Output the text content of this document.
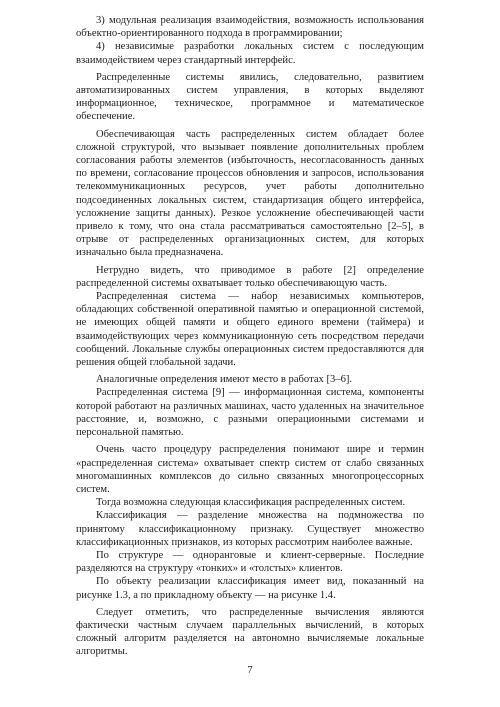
3) модульная реализация взаимодействия, возможность использования объектно-ориентированного подхода в программировании;

4) независимые разработки локальных систем с последующим взаимодействием через стандартный интерфейс.

Распределенные системы явились, следовательно, развитием автоматизированных систем управления, в которых выделяют информационное, техническое, программное и математическое обеспечение.

Обеспечивающая часть распределенных систем обладает более сложной структурой, что вызывает появление дополнительных проблем согласования работы элементов (избыточность, несогласованность данных по времени, согласование процессов обновления и запросов, использования телекоммуникационных ресурсов, учет работы дополнительно подсоединенных локальных систем, стандартизация общего интерфейса, усложнение защиты данных). Резкое усложнение обеспечивающей части привело к тому, что она стала рассматриваться самостоятельно [2–5], в отрыве от распределенных организационных систем, для которых изначально была предназначена.

Нетрудно видеть, что приводимое в работе [2] определение распределенной системы охватывает только обеспечивающую часть.

Распределенная система — набор независимых компьютеров, обладающих собственной оперативной памятью и операционной системой, не имеющих общей памяти и общего единого времени (таймера) и взаимодействующих через коммуникационную сеть посредством передачи сообщений. Локальные службы операционных систем предоставляются для решения общей глобальной задачи.

Аналогичные определения имеют место в работах [3–6].

Распределенная система [9] — информационная система, компоненты которой работают на различных машинах, часто удаленных на значительное расстояние, и, возможно, с разными операционными системами и персональной памятью.

Очень часто процедуру распределения понимают шире и термин «распределенная система» охватывает спектр систем от слабо связанных многомашинных комплексов до сильно связанных многопроцессорных систем.

Тогда возможна следующая классификация распределенных систем.

Классификация — разделение множества на подмножества по принятому классификационному признаку. Существует множество классификационных признаков, из которых рассмотрим наиболее важные.

По структуре — одноранговые и клиент-серверные. Последние разделяются на структуру «тонких» и «толстых» клиентов.

По объекту реализации классификация имеет вид, показанный на рисунке 1.3, а по прикладному объекту — на рисунке 1.4.

Следует отметить, что распределенные вычисления являются фактически частным случаем параллельных вычислений, в которых сложный алгоритм разделяется на автономно вычисляемые локальные алгоритмы.

7
